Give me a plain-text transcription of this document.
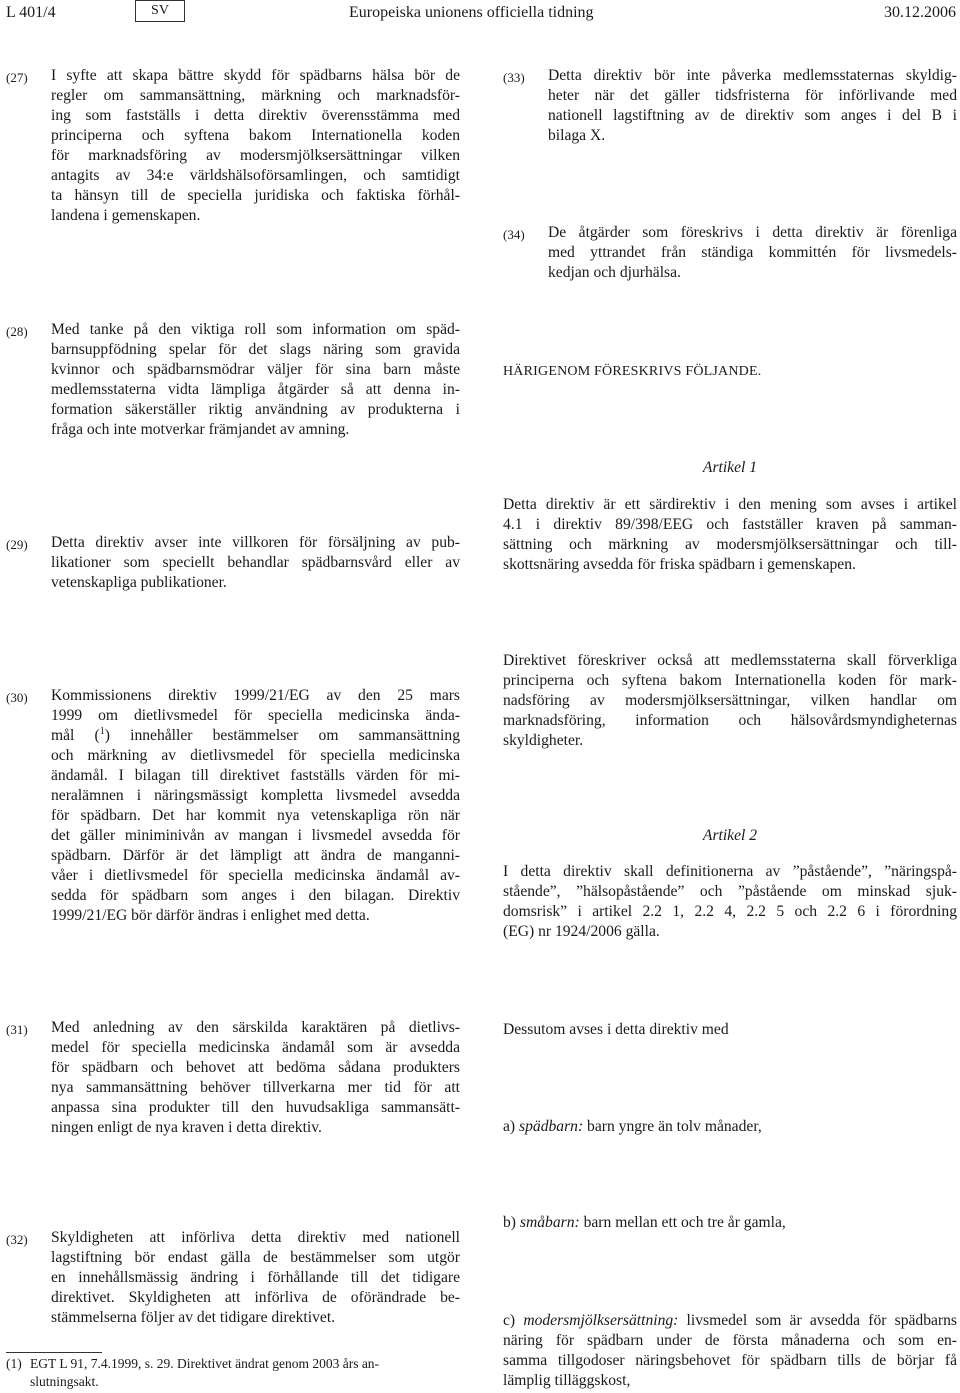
L 401/4	SV	Europeiska unionens officiella tidning	30.12.2006
(27) I syfte att skapa bättre skydd för spädbarns hälsa bör de
regler om sammansättning, märkning och marknadsför-
ing som fastställs i detta direktiv överensstämma med
principerna och syftena bakom Internationella koden
för marknadsföring av modersmjölksersättningar vilken
antagits av 34:e världshälsoförsamlingen, och samtidigt
ta hänsyn till de speciella juridiska och faktiska förhål-
landena i gemenskapen.
(28) Med tanke på den viktiga roll som information om späd-
barnsuppfödning spelar för det slags näring som gravida
kvinnor och spädbarnsmödrar väljer för sina barn måste
medlemsstaterna vidta lämpliga åtgärder så att denna in-
formation säkerställer riktig användning av produkterna i
fråga och inte motverkar främjandet av amning.
(29) Detta direktiv avser inte villkoren för försäljning av pub-
likationer som speciellt behandlar spädbarnsvård eller av
vetenskapliga publikationer.
(30) Kommissionens direktiv 1999/21/EG av den 25 mars
1999 om dietlivsmedel för speciella medicinska ända-
mål ($^1$) innehåller bestämmelser om sammansättning
och märkning av dietlivsmedel för speciella medicinska
ändamål. I bilagan till direktivet fastställs värden för mi-
neralämnen i näringsmässigt kompletta livsmedel avsedda
för spädbarn. Det har kommit nya vetenskapliga rön när
det gäller miniminivån av mangan i livsmedel avsedda för
spädbarn. Därför är det lämpligt att ändra de manganni-
våer i dietlivsmedel för speciella medicinska ändamål av-
sedda för spädbarn som anges i den bilagan. Direktiv
1999/21/EG bör därför ändras i enlighet med detta.
(31) Med anledning av den särskilda karaktären på dietlivs-
medel för speciella medicinska ändamål som är avsedda
för spädbarn och behovet att bedöma sådana produkters
nya sammansättning behöver tillverkarna mer tid för att
anpassa sina produkter till den huvudsakliga sammansätt-
ningen enligt de nya kraven i detta direktiv.
(32) Skyldigheten att införliva detta direktiv med nationell
lagstiftning bör endast gälla de bestämmelser som utgör
en innehållsmässig ändring i förhållande till det tidigare
direktivet. Skyldigheten att införliva de oförändrade be-
stämmelserna följer av det tidigare direktivet.
(1) EGT L 91, 7.4.1999, s. 29. Direktivet ändrat genom 2003 års an-
slutningsakt.
(33) Detta direktiv bör inte påverka medlemsstaternas skyldig-
heter när det gäller tidsfristerna för införlivande med
nationell lagstiftning av de direktiv som anges i del B i
bilaga X.
(34) De åtgärder som föreskrivs i detta direktiv är förenliga
med yttrandet från ständiga kommittén för livsmedels-
kedjan och djurhälsa.
HÄRIGENOM FÖRESKRIVS FÖLJANDE.
Artikel 1
Detta direktiv är ett särdirektiv i den mening som avses i artikel
4.1 i direktiv 89/398/EEG och fastställer kraven på samman-
sättning och märkning av modersmjölksersättningar och till-
skottsnäring avsedda för friska spädbarn i gemenskapen.
Direktivet föreskriver också att medlemsstaterna skall förverkliga
principerna och syftena bakom Internationella koden för mark-
nadsföring av modersmjölksersättningar, vilken handlar om
marknadsföring, information och hälsovårdsmyndigheternas
skyldigheter.
Artikel 2
I detta direktiv skall definitionerna av ”påstående”, ”näringspå-
stående”, ”hälsopåstående” och ”påstående om minskad sjuk-
domsrisk” i artikel 2.2 1, 2.2 4, 2.2 5 och 2.2 6 i förordning
(EG) nr 1924/2006 gälla.
Dessutom avses i detta direktiv med
a) spädbarn: barn yngre än tolv månader,
b) småbarn: barn mellan ett och tre år gamla,
c) modersmjölksersättning: livsmedel som är avsedda för spädbarns
näring för spädbarn under de första månaderna och som en-
samma tillgodoser näringsbehovet för spädbarn tills de börjar få
lämplig tilläggskost,
